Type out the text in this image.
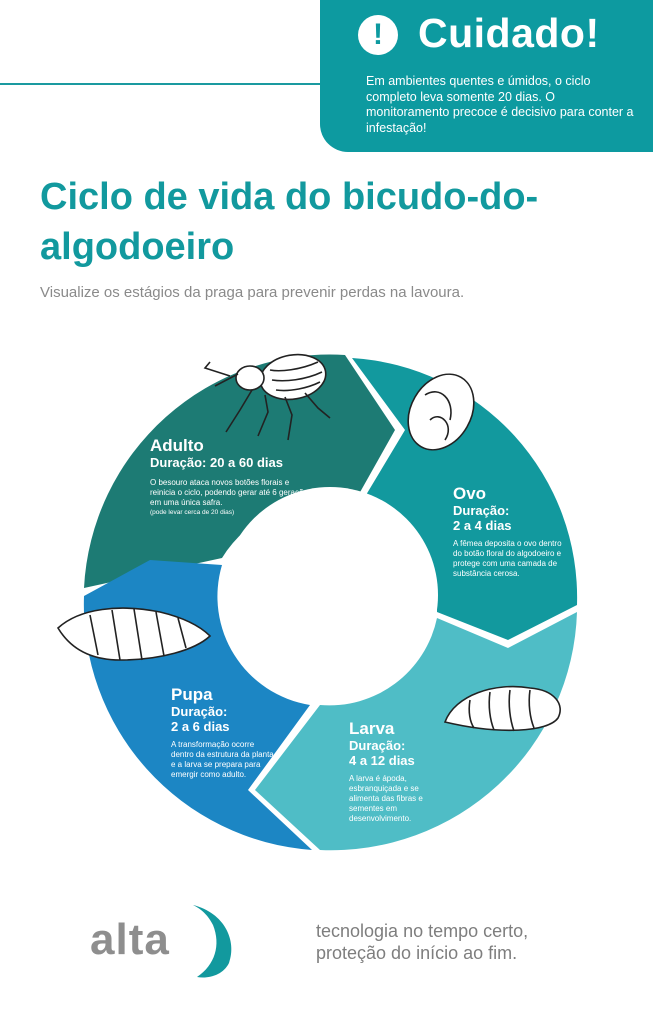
! Cuidado!
Em ambientes quentes e úmidos, o ciclo completo leva somente 20 dias. O monitoramento precoce é decisivo para conter a infestação!
Ciclo de vida do bicudo-do-algodoeiro
Visualize os estágios da praga para prevenir perdas na lavoura.
Adulto
Duração: 20 a 60 dias
O besouro ataca novos botões florais e reinicia o ciclo, podendo gerar até 6 gerações em uma única safra.
(pode levar cerca de 20 dias)
Ovo
Duração:
2 a 4 dias
A fêmea deposita o ovo dentro do botão floral do algodoeiro e protege com uma camada de substância cerosa.
Larva
Duração:
4 a 12 dias
A larva é ápoda, esbranquiçada e se alimenta das fibras e sementes em desenvolvimento.
Pupa
Duração:
2 a 6 dias
A transformação ocorre dentro da estrutura da planta e a larva se prepara para emergir como adulto.
alta	tecnologia no tempo certo,
proteção do início ao fim.
